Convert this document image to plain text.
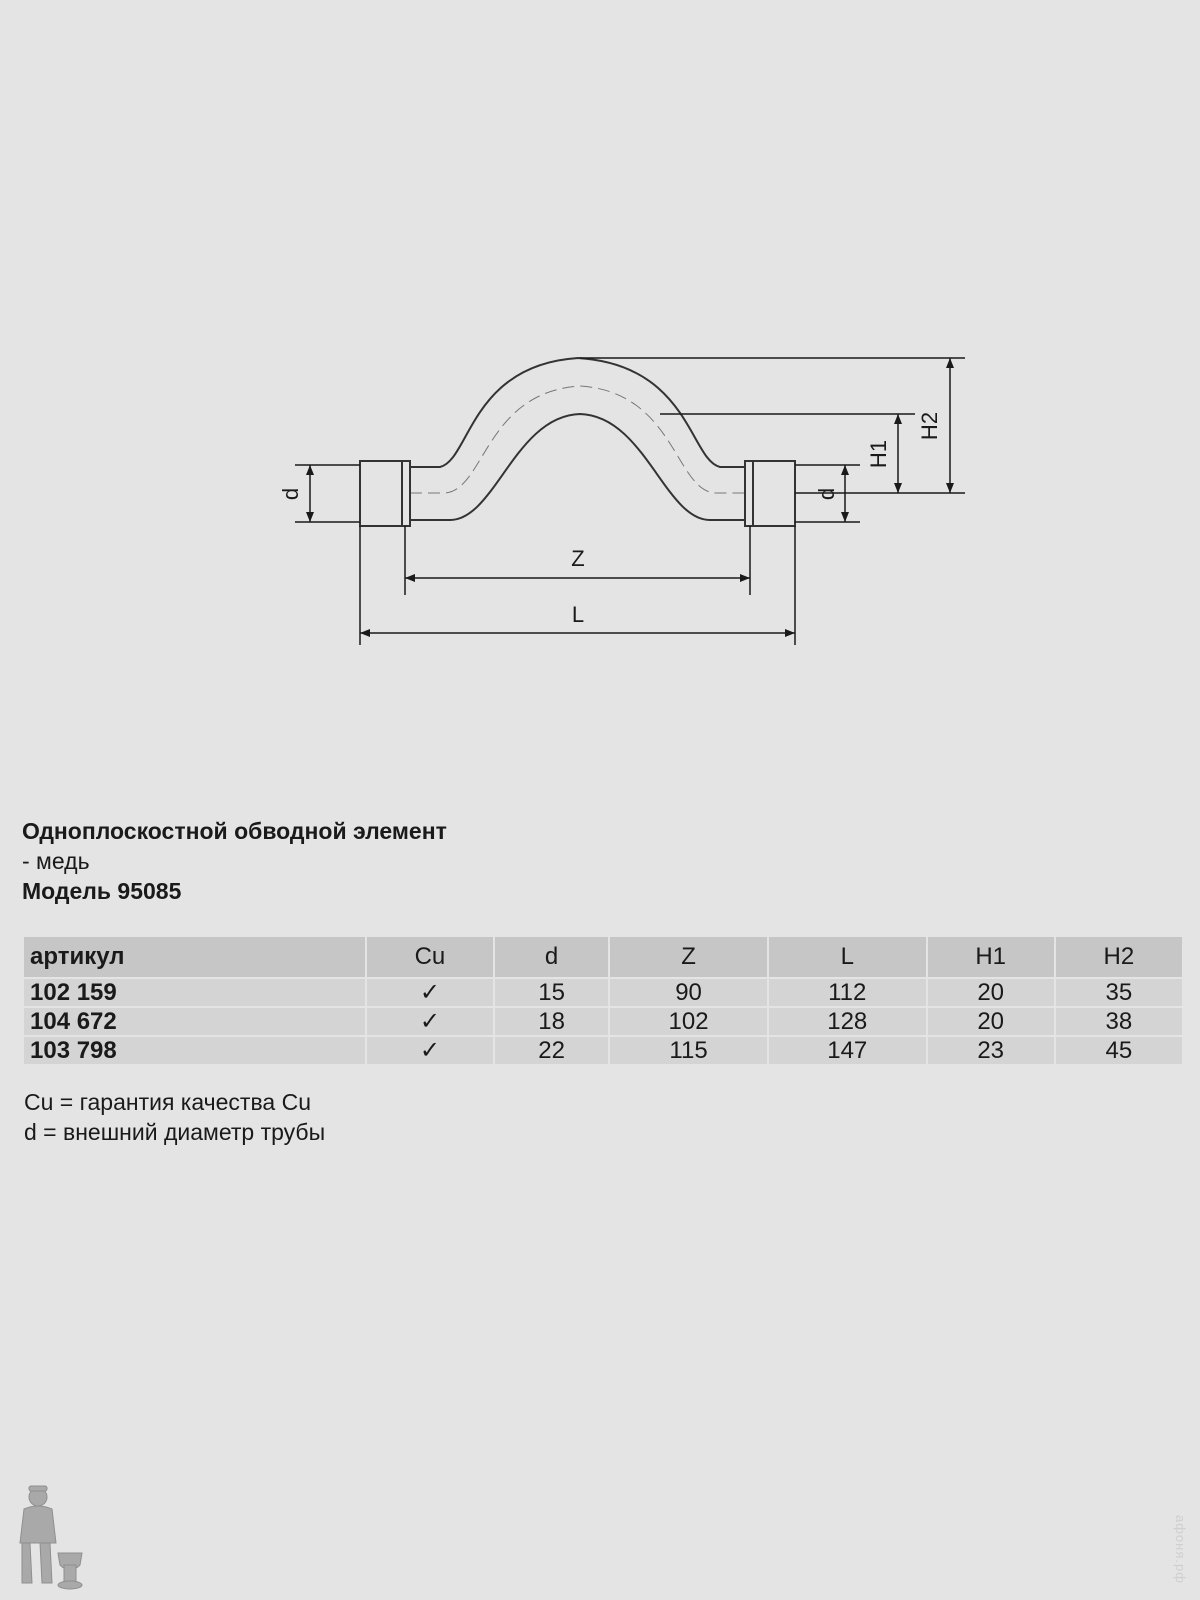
d	d
H1
H2
Z
L
Одноплоскостной обводной элемент
- медь
Модель 95085
артикул	Cu	d	Z	L	H1	H2
102 159	✓	15	90	112	20	35
104 672	✓	18	102	128	20	38
103 798	✓	22	115	147	23	45
Cu = гарантия качества Cu
d = внешний диаметр трубы
афоня.рф
